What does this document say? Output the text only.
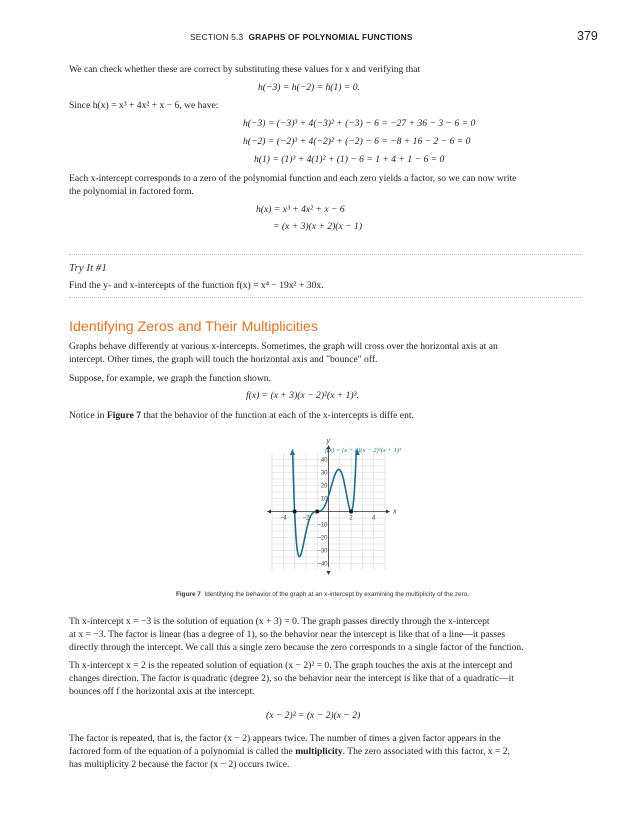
SECTION 5.3 GRAPHS OF POLYNOMIAL FUNCTIONS	379
We can check whether these are correct by substituting these values for x and verifying that
h(−3) = h(−2) = h(1) = 0.
Since h(x) = x³ + 4x² + x − 6, we have:
h(−3) = (−3)³ + 4(−3)² + (−3) − 6 = −27 + 36 − 3 − 6 = 0
h(−2) = (−2)³ + 4(−2)² + (−2) − 6 = −8 + 16 − 2 − 6 = 0
h(1) = (1)³ + 4(1)² + (1) − 6 = 1 + 4 + 1 − 6 = 0
Each x-intercept corresponds to a zero of the polynomial function and each zero yields a factor, so we can now write
the polynomial in factored form.
h(x) = x³ + 4x² + x − 6
= (x + 3)(x + 2)(x − 1)
Try It #1
Find the y- and x-intercepts of the function f(x) = x⁴ − 19x² + 30x.
Identifying Zeros and Their Multiplicities
Graphs behave differently at various x-intercepts. Sometimes, the graph will cross over the horizontal axis at an
intercept. Other times, the graph will touch the horizontal axis and "bounce" off.
Suppose, for example, we graph the function shown.
f(x) = (x + 3)(x − 2)²(x + 1)³.
Notice in Figure 7 that the behavior of the function at each of the x-intercepts is diffe ent.
40
30
20
10
−10
−20
−30
−40
−4	−2	2	4
y
x
f(x) = (x + 3)(x − 2)²(x + 1)³
Figure 7 Identifying the behavior of the graph at an x-intercept by examining the multiplicity of the zero.
Th x-intercept x = −3 is the solution of equation (x + 3) = 0. The graph passes directly through the x-intercept
at x = −3. The factor is linear (has a degree of 1), so the behavior near the intercept is like that of a line—it passes
directly through the intercept. We call this a single zero because the zero corresponds to a single factor of the function.
Th x-intercept x = 2 is the repeated solution of equation (x − 2)² = 0. The graph touches the axis at the intercept and
changes direction. The factor is quadratic (degree 2), so the behavior near the intercept is like that of a quadratic—it
bounces off f the horizontal axis at the intercept.
(x − 2)² = (x − 2)(x − 2)
The factor is repeated, that is, the factor (x − 2) appears twice. The number of times a given factor appears in the
factored form of the equation of a polynomial is called the multiplicity. The zero associated with this factor, x = 2,
has multiplicity 2 because the factor (x − 2) occurs twice.
